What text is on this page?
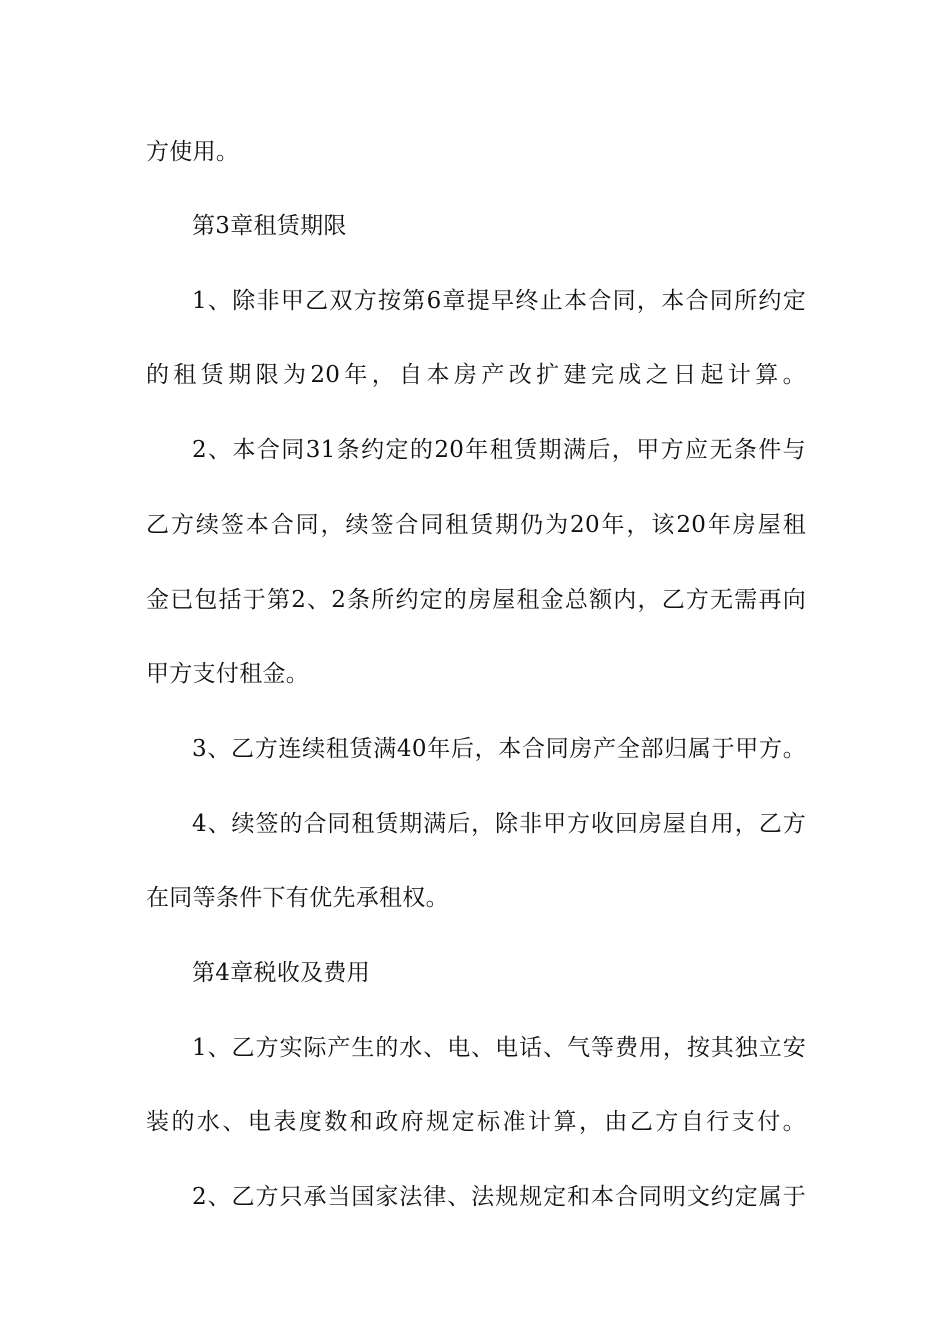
方使用。
第3章租赁期限
1、除非甲乙双方按第6章提早终止本合同，本合同所约定
的租赁期限为20年，自本房产改扩建完成之日起计算。
2、本合同31条约定的20年租赁期满后，甲方应无条件与
乙方续签本合同，续签合同租赁期仍为20年，该20年房屋租
金已包括于第2、2条所约定的房屋租金总额内，乙方无需再向
甲方支付租金。
3、乙方连续租赁满40年后，本合同房产全部归属于甲方。
4、续签的合同租赁期满后，除非甲方收回房屋自用，乙方
在同等条件下有优先承租权。
第4章税收及费用
1、乙方实际产生的水、电、电话、气等费用，按其独立安
装的水、电表度数和政府规定标准计算，由乙方自行支付。
2、乙方只承当国家法律、法规规定和本合同明文约定属于
